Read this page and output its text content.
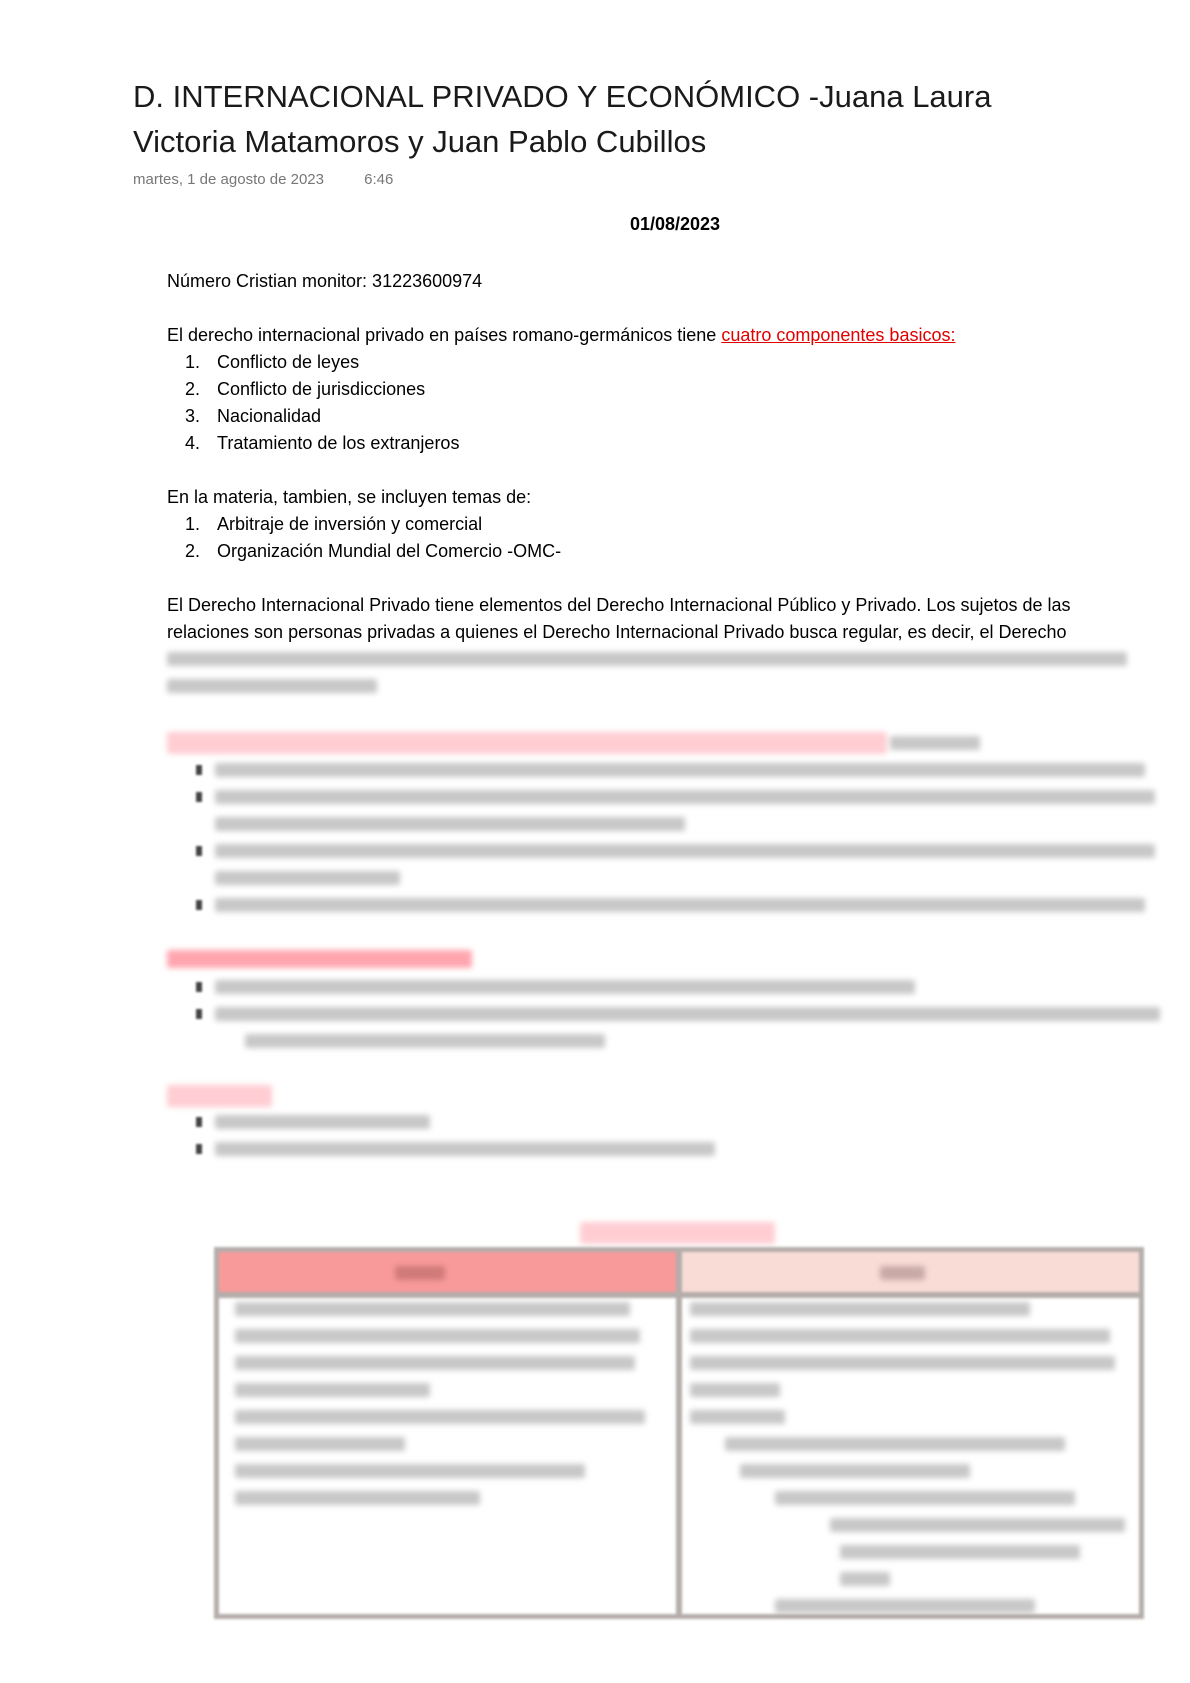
D. INTERNACIONAL PRIVADO Y ECONÓMICO -Juana Laura Victoria Matamoros y Juan Pablo Cubillos
martes, 1 de agosto de 2023	6:46
01/08/2023

Número Cristian monitor: 31223600974

El derecho internacional privado en países romano-germánicos tiene cuatro componentes basicos:

1. Conflicto de leyes
2. Conflicto de jurisdicciones
3. Nacionalidad
4. Tratamiento de los extranjeros

En la materia, tambien, se incluyen temas de:

1. Arbitraje de inversión y comercial
2. Organización Mundial del Comercio -OMC-

El Derecho Internacional Privado tiene elementos del Derecho Internacional Público y Privado. Los sujetos de las

relaciones son personas privadas a quienes el Derecho Internacional Privado busca regular, es decir, el Derecho
